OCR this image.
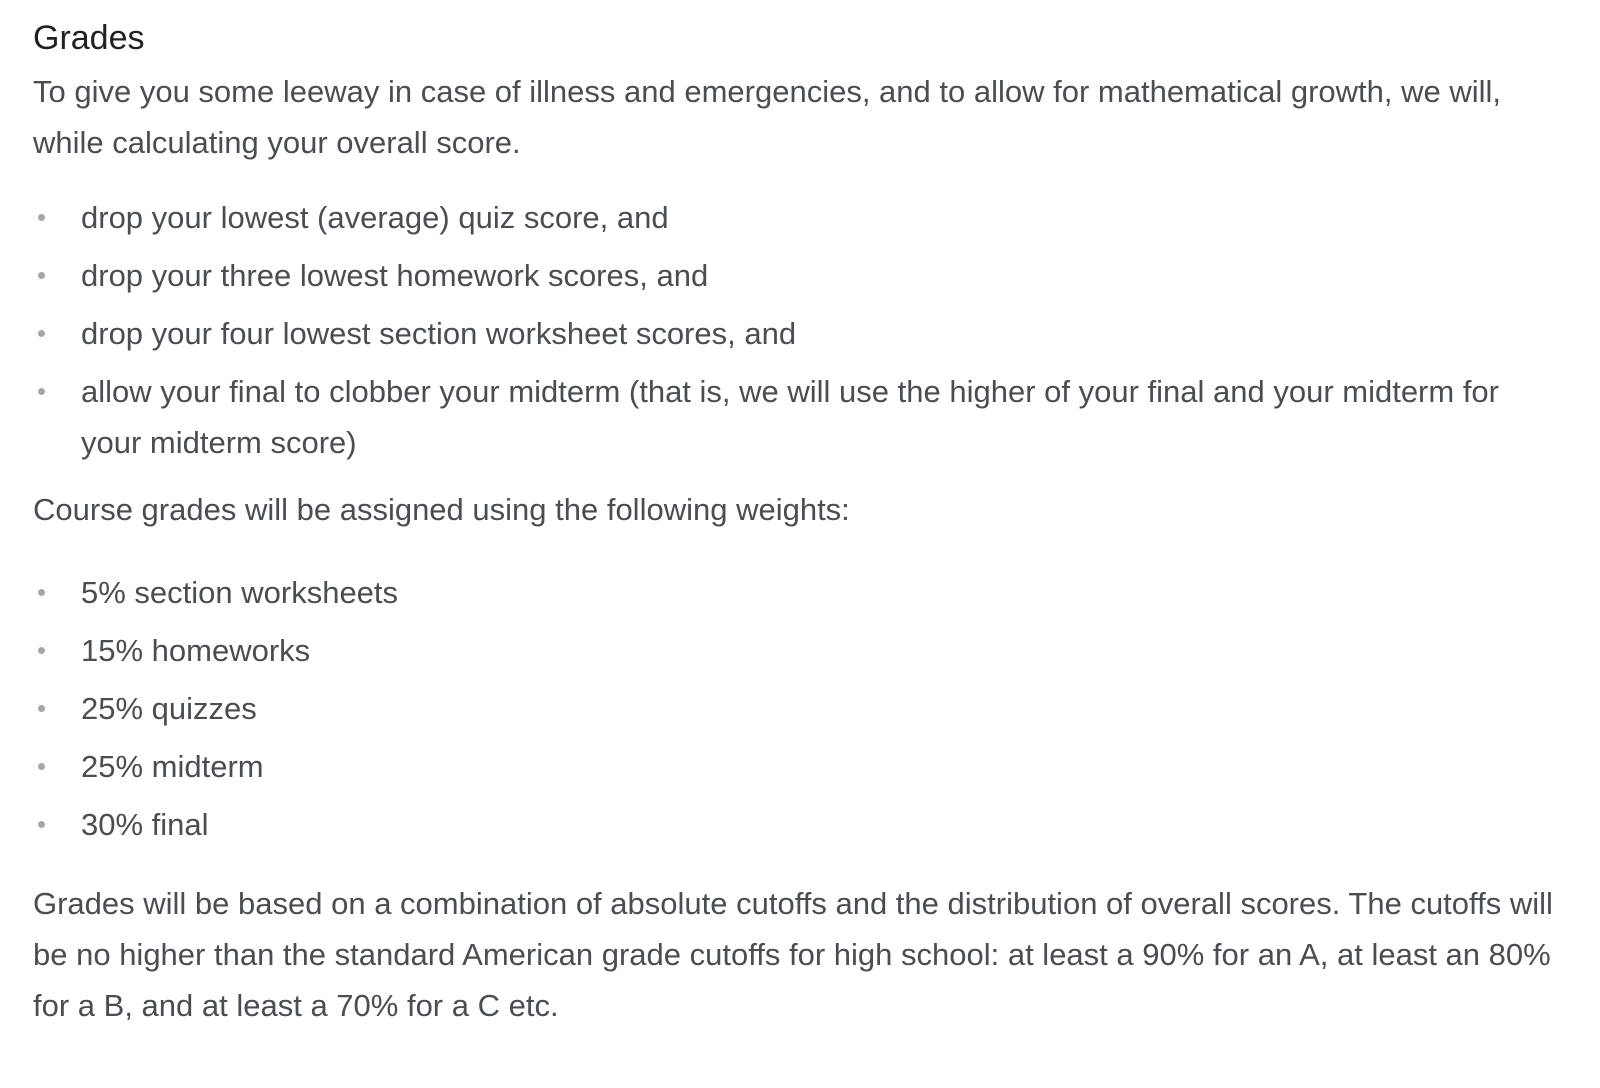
Grades

To give you some leeway in case of illness and emergencies, and to allow for mathematical growth, we will, while calculating your overall score.

drop your lowest (average) quiz score, and
drop your three lowest homework scores, and
drop your four lowest section worksheet scores, and
allow your final to clobber your midterm (that is, we will use the higher of your final and your midterm for your midterm score)

Course grades will be assigned using the following weights:

5% section worksheets
15% homeworks
25% quizzes
25% midterm
30% final

Grades will be based on a combination of absolute cutoffs and the distribution of overall scores. The cutoffs will be no higher than the standard American grade cutoffs for high school: at least a 90% for an A, at least an 80% for a B, and at least a 70% for a C etc.
